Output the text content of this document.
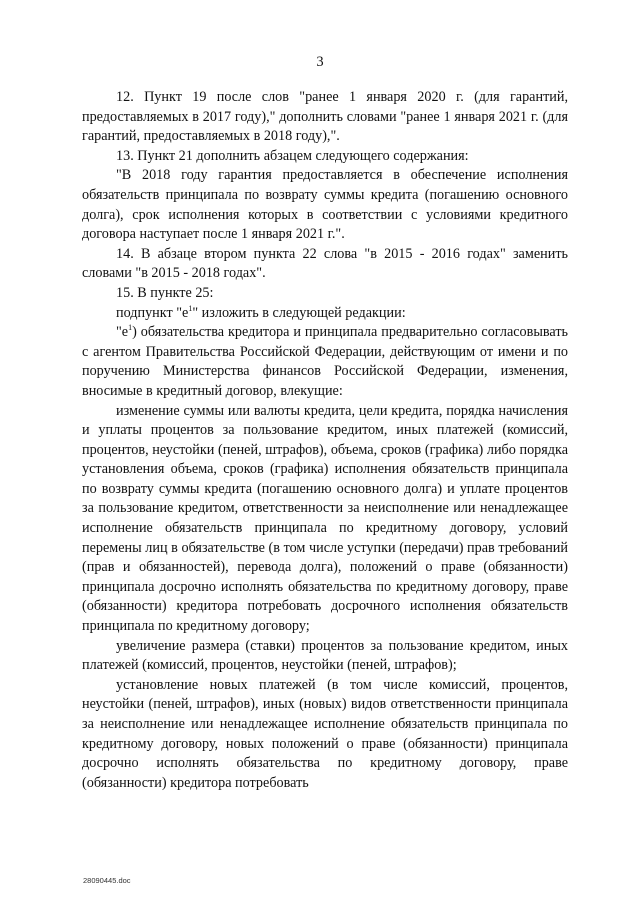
3

12. Пункт 19 после слов "ранее 1 января 2020 г. (для гарантий, предоставляемых в 2017 году)," дополнить словами "ранее 1 января 2021 г. (для гарантий, предоставляемых в 2018 году),".

13. Пункт 21 дополнить абзацем следующего содержания:

"В 2018 году гарантия предоставляется в обеспечение исполнения обязательств принципала по возврату суммы кредита (погашению основного долга), срок исполнения которых в соответствии с условиями кредитного договора наступает после 1 января 2021 г.".

14. В абзаце втором пункта 22 слова "в 2015 - 2016 годах" заменить словами "в 2015 - 2018 годах".

15. В пункте 25:

подпункт "$е^1$" изложить в следующей редакции:

"$е^1$) обязательства кредитора и принципала предварительно согласовывать с агентом Правительства Российской Федерации, действующим от имени и по поручению Министерства финансов Российской Федерации, изменения, вносимые в кредитный договор, влекущие:

изменение суммы или валюты кредита, цели кредита, порядка начисления и уплаты процентов за пользование кредитом, иных платежей (комиссий, процентов, неустойки (пеней, штрафов), объема, сроков (графика) либо порядка установления объема, сроков (графика) исполнения обязательств принципала по возврату суммы кредита (погашению основного долга) и уплате процентов за пользование кредитом, ответственности за неисполнение или ненадлежащее исполнение обязательств принципала по кредитному договору, условий перемены лиц в обязательстве (в том числе уступки (передачи) прав требований (прав и обязанностей), перевода долга), положений о праве (обязанности) принципала досрочно исполнять обязательства по кредитному договору, праве (обязанности) кредитора потребовать досрочного исполнения обязательств принципала по кредитному договору;

увеличение размера (ставки) процентов за пользование кредитом, иных платежей (комиссий, процентов, неустойки (пеней, штрафов);

установление новых платежей (в том числе комиссий, процентов, неустойки (пеней, штрафов), иных (новых) видов ответственности принципала за неисполнение или ненадлежащее исполнение обязательств принципала по кредитному договору, новых положений о праве (обязанности) принципала досрочно исполнять обязательства по кредитному договору, праве (обязанности) кредитора потребовать

28090445.doc
